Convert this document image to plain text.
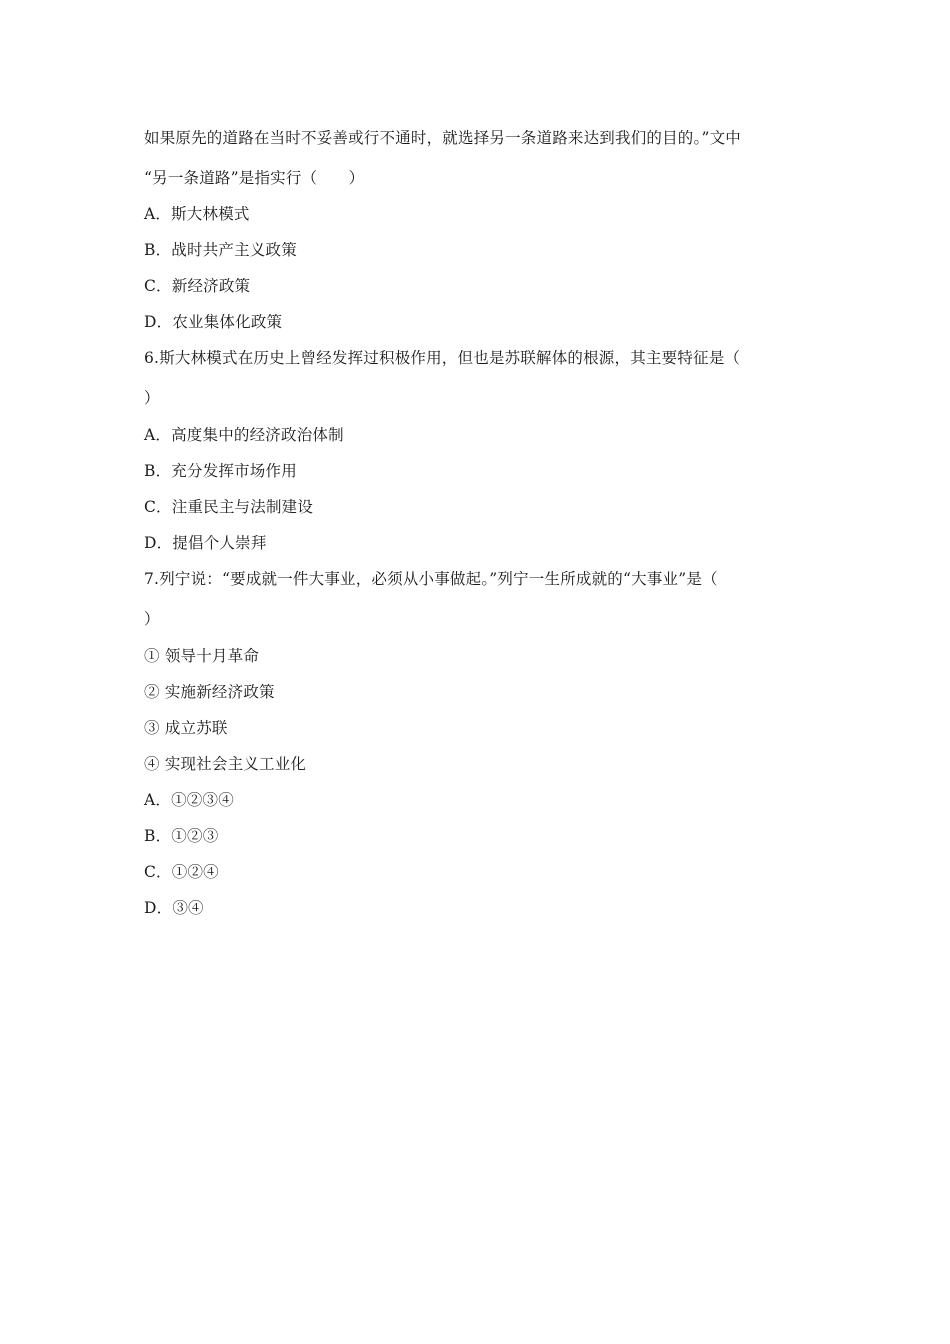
如果原先的道路在当时不妥善或行不通时，就选择另一条道路来达到我们的目的。”文中
“另一条道路”是指实行（　　）
A．斯大林模式
B．战时共产主义政策
C．新经济政策
D．农业集体化政策
6.斯大林模式在历史上曾经发挥过积极作用，但也是苏联解体的根源，其主要特征是（
）
A．高度集中的经济政治体制
B．充分发挥市场作用
C．注重民主与法制建设
D．提倡个人崇拜
7.列宁说：“要成就一件大事业，必须从小事做起。”列宁一生所成就的“大事业”是（
）
① 领导十月革命
② 实施新经济政策
③ 成立苏联
④ 实现社会主义工业化
A．①②③④
B．①②③
C．①②④
D．③④
